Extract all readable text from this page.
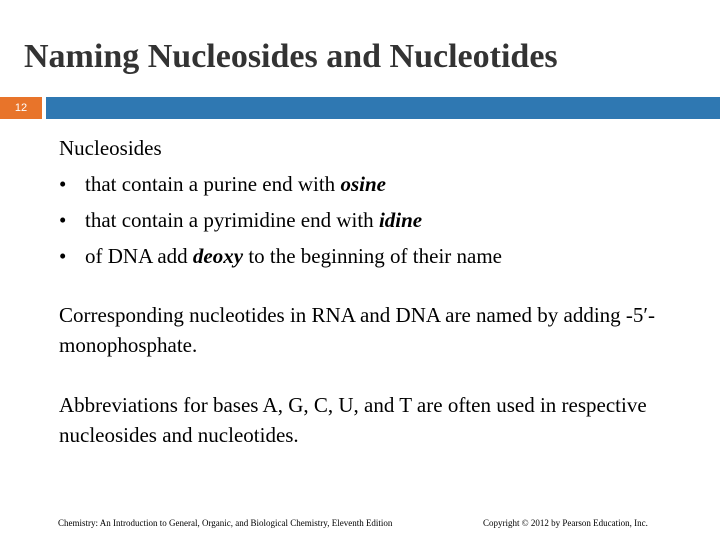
Naming Nucleosides and Nucleotides
12

Nucleosides

• that contain a purine end with osine
• that contain a pyrimidine end with idine
• of DNA add deoxy to the beginning of their name

Corresponding nucleotides in RNA and DNA are named by adding -5′-monophosphate.

Abbreviations for bases A, G, C, U, and T are often used in respective nucleosides and nucleotides.

Chemistry: An Introduction to General, Organic, and Biological Chemistry, Eleventh Edition	Copyright © 2012 by Pearson Education, Inc.
